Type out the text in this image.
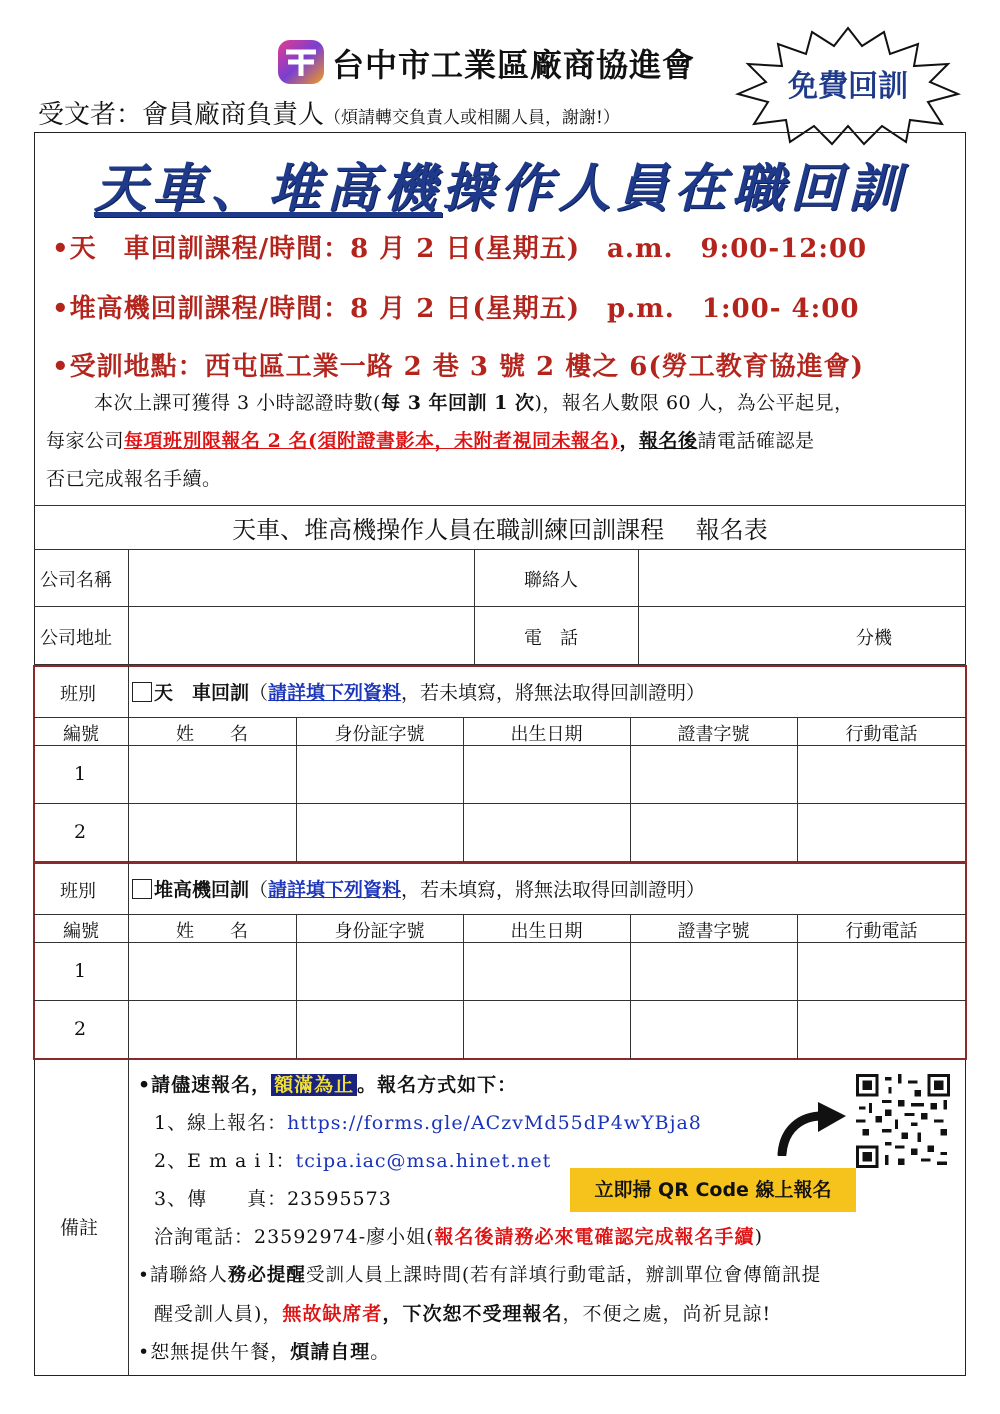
台中市工業區廠商協進會
免費回訓
受文者：會員廠商負責人（煩請轉交負責人或相關人員，謝謝!）
天車、堆高機操作人員在職回訓
•天　車回訓課程/時間：8 月 2 日(星期五)　a.m.　9:00-12:00
•堆高機回訓課程/時間：8 月 2 日(星期五)　p.m.　1:00- 4:00
•受訓地點：西屯區工業一路 2 巷 3 號 2 樓之 6(勞工教育協進會)
本次上課可獲得 3 小時認證時數(每 3 年回訓 1 次)，報名人數限 60 人，為公平起見，
每家公司每項班別限報名 2 名(須附證書影本，未附者視同未報名)，報名後請電話確認是
否已完成報名手續。
天車、堆高機操作人員在職訓練回訓課程　 報名表
公司名稱	聯絡人
公司地址	電　話	分機
班別	天　車回訓（請詳填下列資料，若未填寫，將無法取得回訓證明）
編號	姓　　名	身份証字號	出生日期	證書字號	行動電話
1
2
班別	堆高機回訓（請詳填下列資料，若未填寫，將無法取得回訓證明）
編號	姓　　名	身份証字號	出生日期	證書字號	行動電話
1
2
備註
•請儘速報名， 額滿為止 。報名方式如下：
1、線上報名：https://forms.gle/ACzvMd55dP4wYBja8
2、E m a i l：tcipa.iac@msa.hinet.net
3、傳　　真：23595573
洽詢電話：23592974-廖小姐(報名後請務必來電確認完成報名手續)
•請聯絡人務必提醒受訓人員上課時間(若有詳填行動電話，辦訓單位會傳簡訊提
醒受訓人員)，無故缺席者，下次恕不受理報名，不便之處，尚祈見諒!
•恕無提供午餐，煩請自理。
立即掃 QR Code 線上報名
